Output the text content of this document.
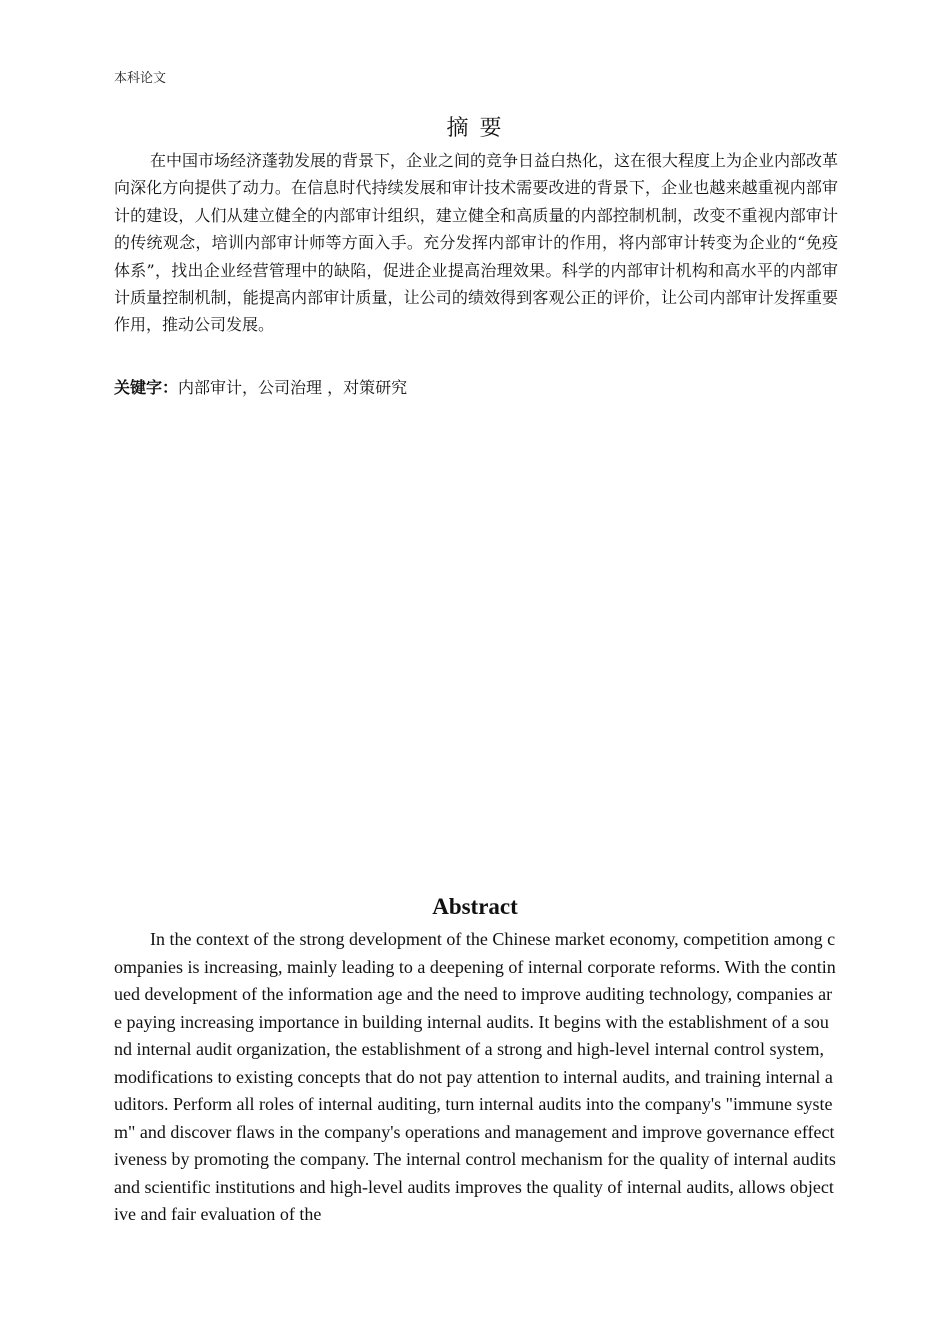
本科论文
摘 要

在中国市场经济蓬勃发展的背景下，企业之间的竞争日益白热化，这在很大程度上为企业内部改革向深化方向提供了动力。在信息时代持续发展和审计技术需要改进的背景下，企业也越来越重视内部审计的建设，人们从建立健全的内部审计组织，建立健全和高质量的内部控制机制，改变不重视内部审计的传统观念，培训内部审计师等方面入手。充分发挥内部审计的作用，将内部审计转变为企业的“免疫体系”，找出企业经营管理中的缺陷，促进企业提高治理效果。科学的内部审计机构和高水平的内部审计质量控制机制，能提高内部审计质量，让公司的绩效得到客观公正的评价，让公司内部审计发挥重要作用，推动公司发展。

关键字：内部审计，公司治理 ，对策研究
Abstract

In the context of the strong development of the Chinese market economy, competition among companies is increasing, mainly leading to a deepening of internal corporate reforms. With the continued development of the information age and the need to improve auditing technology, companies are paying increasing importance in building internal audits. It begins with the establishment of a sound internal audit organization, the establishment of a strong and high-level internal control system, modifications to existing concepts that do not pay attention to internal audits, and training internal auditors. Perform all roles of internal auditing, turn internal audits into the company's "immune system" and discover flaws in the company's operations and management and improve governance effectiveness by promoting the company. The internal control mechanism for the quality of internal audits and scientific institutions and high-level audits improves the quality of internal audits, allows objective and fair evaluation of the
